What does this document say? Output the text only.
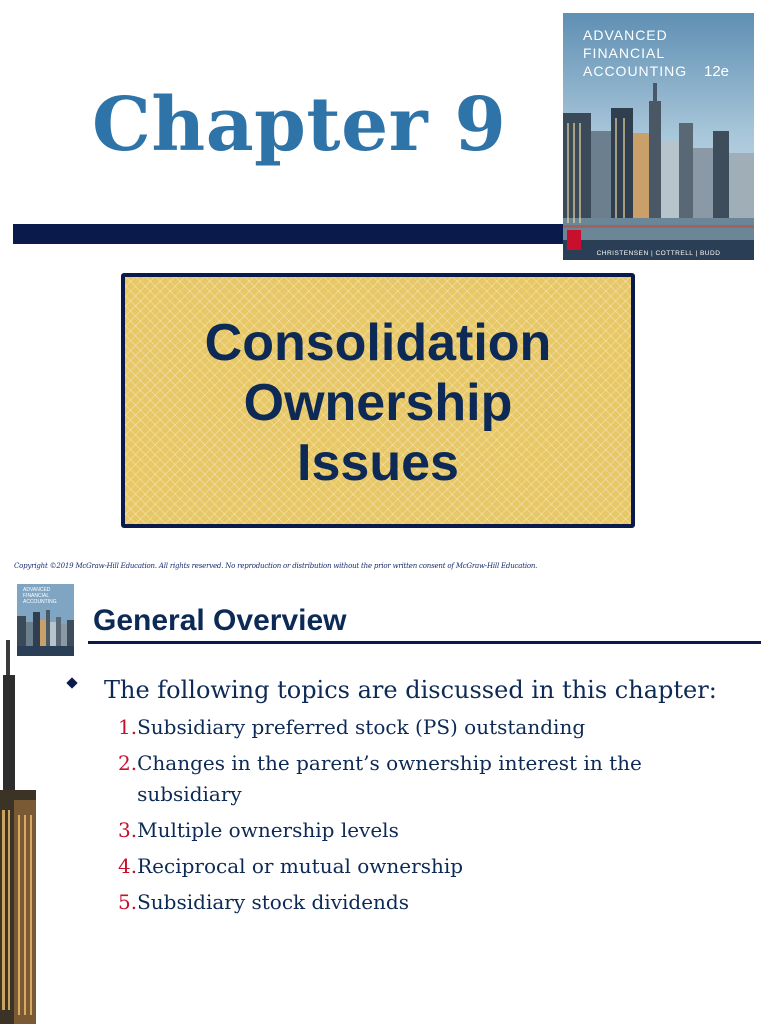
Chapter 9
ADVANCED
FINANCIAL
ACCOUNTING 12e
CHRISTENSEN | COTTRELL | BUDD
Consolidation
Ownership
Issues
Copyright ©2019 McGraw-Hill Education. All rights reserved. No reproduction or distribution without the prior written consent of McGraw-Hill Education.
ADVANCED
FINANCIAL
ACCOUNTING
General Overview

The following topics are discussed in this chapter:

1. Subsidiary preferred stock (PS) outstanding
2. Changes in the parent’s ownership interest in the subsidiary
3. Multiple ownership levels
4. Reciprocal or mutual ownership
5. Subsidiary stock dividends
